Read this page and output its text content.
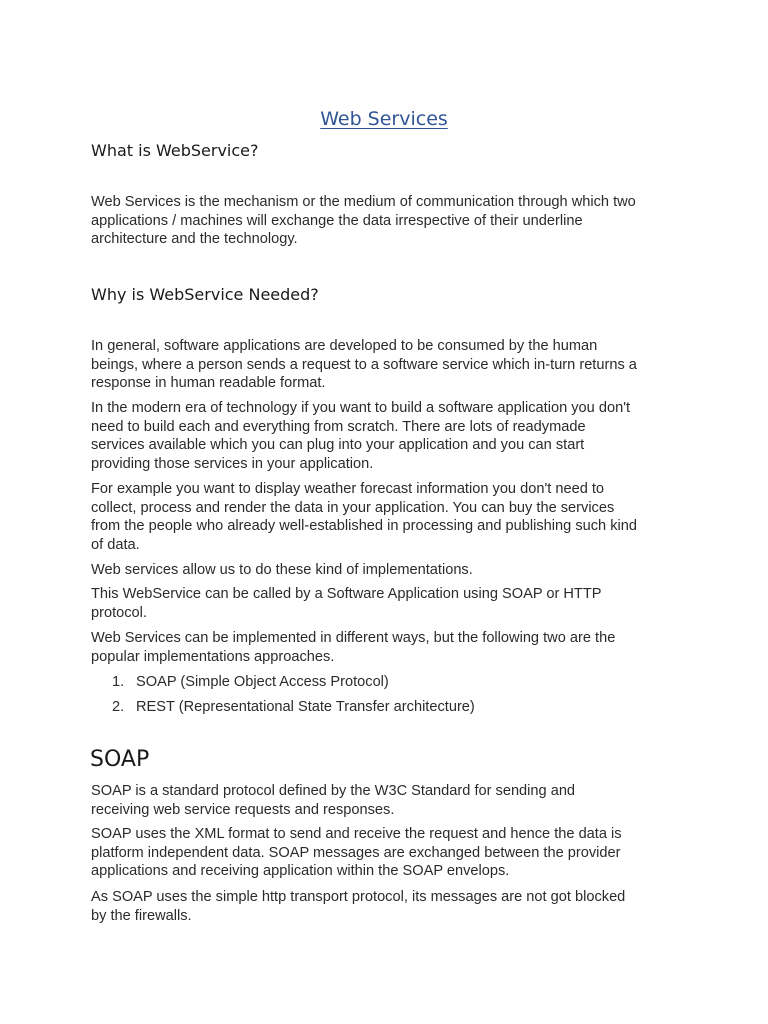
Web Services
What is WebService?

Web Services is the mechanism or the medium of communication through which two
applications / machines will exchange the data irrespective of their underline
architecture and the technology.

Why is WebService Needed?

In general, software applications are developed to be consumed by the human
beings, where a person sends a request to a software service which in-turn returns a
response in human readable format.

In the modern era of technology if you want to build a software application you don't
need to build each and everything from scratch. There are lots of readymade
services available which you can plug into your application and you can start
providing those services in your application.

For example you want to display weather forecast information you don't need to
collect, process and render the data in your application. You can buy the services
from the people who already well-established in processing and publishing such kind
of data.

Web services allow us to do these kind of implementations.

This WebService can be called by a Software Application using SOAP or HTTP
protocol.

Web Services can be implemented in different ways, but the following two are the
popular implementations approaches.

1. SOAP (Simple Object Access Protocol)
2. REST (Representational State Transfer architecture)
SOAP

SOAP is a standard protocol defined by the W3C Standard for sending and
receiving web service requests and responses.

SOAP uses the XML format to send and receive the request and hence the data is
platform independent data. SOAP messages are exchanged between the provider
applications and receiving application within the SOAP envelops.

As SOAP uses the simple http transport protocol, its messages are not got blocked
by the firewalls.
